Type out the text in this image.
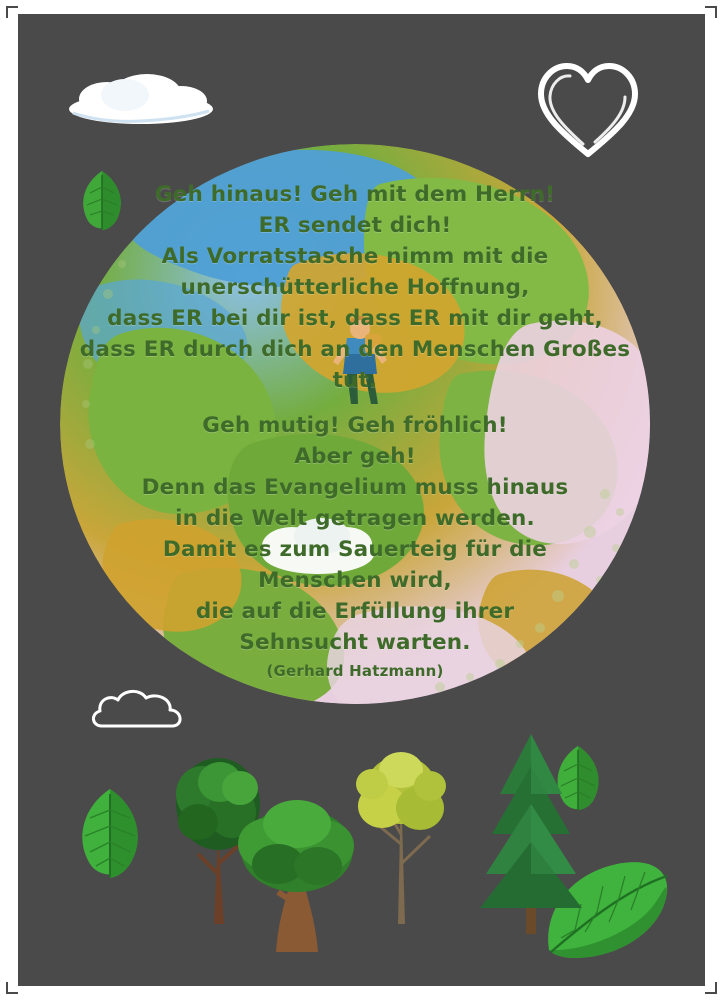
Geh hinaus! Geh mit dem Herrn!
ER sendet dich!
Als Vorratstasche nimm mit die
unerschütterliche Hoffnung,
dass ER bei dir ist, dass ER mit dir geht,
dass ER durch dich an den Menschen Großes
tut.
Geh mutig! Geh fröhlich!
Aber geh!
Denn das Evangelium muss hinaus
in die Welt getragen werden.
Damit es zum Sauerteig für die
Menschen wird,
die auf die Erfüllung ihrer
Sehnsucht warten.
(Gerhard Hatzmann)
